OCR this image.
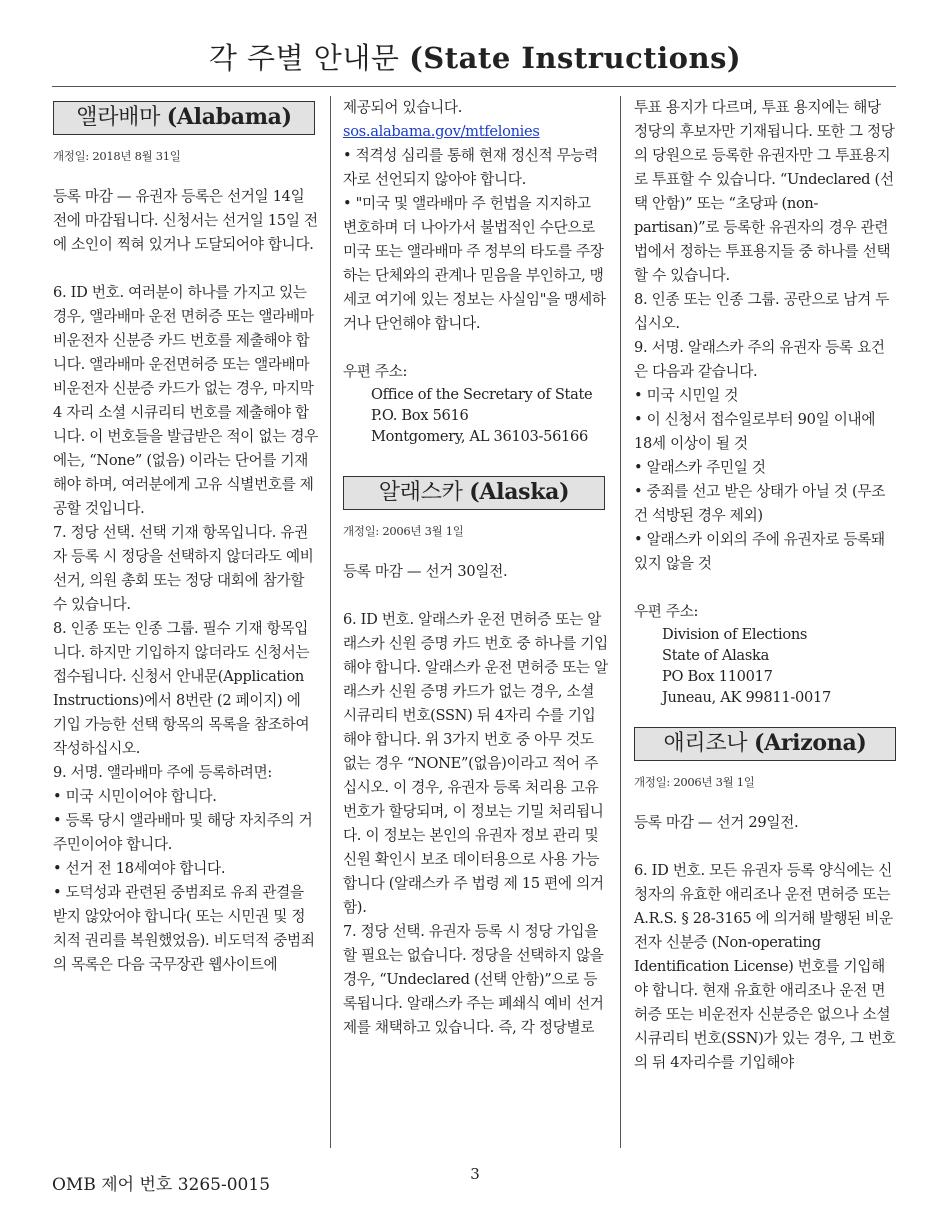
각 주별 안내문 (State Instructions)
앨라배마 (Alabama)
개정일: 2018년 8월 31일

등록 마감 — 유권자 등록은 선거일 14일 전에 마감됩니다. 신청서는 선거일 15일 전에 소인이 찍혀 있거나 도달되어야 합니다.

6. ID 번호. 여러분이 하나를 가지고 있는 경우, 앨라배마 운전 면허증 또는 앨라배마 비운전자 신분증 카드 번호를 제출해야 합니다. 앨라배마 운전면허증 또는 앨라배마 비운전자 신분증 카드가 없는 경우, 마지막 4 자리 소셜 시큐리티 번호를 제출해야 합니다. 이 번호들을 발급받은 적이 없는 경우에는, “None” (없음) 이라는 단어를 기재해야 하며, 여러분에게 고유 식별번호를 제공할 것입니다.

7. 정당 선택. 선택 기재 항목입니다. 유권자 등록 시 정당을 선택하지 않더라도 예비 선거, 의원 총회 또는 정당 대회에 참가할 수 있습니다.

8. 인종 또는 인종 그룹. 필수 기재 항목입니다. 하지만 기입하지 않더라도 신청서는 접수됩니다. 신청서 안내문(Application Instructions)에서 8번란 (2 페이지) 에 기입 가능한 선택 항목의 목록을 참조하여 작성하십시오.

9. 서명. 앨라배마 주에 등록하려면:

• 미국 시민이어야 합니다.

• 등록 당시 앨라배마 및 해당 자치주의 거주민이어야 합니다.

• 선거 전 18세여야 합니다.

• 도덕성과 관련된 중범죄로 유죄 관결을 받지 않았어야 합니다( 또는 시민권 및 정치적 권리를 복원했었음). 비도덕적 중범죄의 목록은 다음 국무장관 웹사이트에

제공되어 있습니다. sos.alabama.gov/mtfelonies

• 적격성 심리를 통해 현재 정신적 무능력자로 선언되지 않아야 합니다.

• "미국 및 앨라배마 주 헌법을 지지하고 변호하며 더 나아가서 불법적인 수단으로 미국 또는 앨라배마 주 정부의 타도를 주장하는 단체와의 관계나 믿음을 부인하고, 맹세코 여기에 있는 정보는 사실임"을 맹세하거나 단언해야 합니다.

우편 주소:

Office of the Secretary of State
P.O. Box 5616
Montgomery, AL 36103-56166
알래스카 (Alaska)
개정일: 2006년 3월 1일

등록 마감 — 선거 30일전.

6. ID 번호. 알래스카 운전 면허증 또는 알래스카 신원 증명 카드 번호 중 하나를 기입해야 합니다. 알래스카 운전 면허증 또는 알래스카 신원 증명 카드가 없는 경우, 소셜 시큐리티 번호(SSN) 뒤 4자리 수를 기입해야 합니다. 위 3가지 번호 중 아무 것도 없는 경우 “NONE”(없음)이라고 적어 주십시오. 이 경우, 유권자 등록 처리용 고유 번호가 할당되며, 이 정보는 기밀 처리됩니다. 이 정보는 본인의 유권자 정보 관리 및 신원 확인시 보조 데이터용으로 사용 가능합니다 (알래스카 주 법령 제 15 편에 의거함).

7. 정당 선택. 유권자 등록 시 정당 가입을 할 필요는 없습니다. 정당을 선택하지 않을 경우, “Undeclared (선택 안함)”으로 등록됩니다. 알래스카 주는 폐쇄식 예비 선거제를 채택하고 있습니다. 즉, 각 정당별로

투표 용지가 다르며, 투표 용지에는 해당 정당의 후보자만 기재됩니다. 또한 그 정당의 당원으로 등록한 유권자만 그 투표용지로 투표할 수 있습니다. “Undeclared (선택 안함)” 또는 “초당파 (non-partisan)”로 등록한 유권자의 경우 관련법에서 정하는 투표용지들 중 하나를 선택할 수 있습니다.

8. 인종 또는 인종 그룹. 공란으로 남겨 두십시오.

9. 서명. 알래스카 주의 유권자 등록 요건은 다음과 같습니다.

• 미국 시민일 것

• 이 신청서 접수일로부터 90일 이내에 18세 이상이 될 것

• 알래스카 주민일 것

• 중죄를 선고 받은 상태가 아닐 것 (무조건 석방된 경우 제외)

• 알래스카 이외의 주에 유권자로 등록돼 있지 않을 것

우편 주소:

Division of Elections
State of Alaska
PO Box 110017
Juneau, AK 99811-0017
애리조나 (Arizona)
개정일: 2006년 3월 1일

등록 마감 — 선거 29일전.

6. ID 번호. 모든 유권자 등록 양식에는 신청자의 유효한 애리조나 운전 면허증 또는 A.R.S. § 28-3165 에 의거해 발행된 비운전자 신분증 (Non-operating Identification License) 번호를 기입해야 합니다. 현재 유효한 애리조나 운전 면허증 또는 비운전자 신분증은 없으나 소셜 시큐리티 번호(SSN)가 있는 경우, 그 번호의 뒤 4자리수를 기입해야

OMB 제어 번호 3265-0015
3
